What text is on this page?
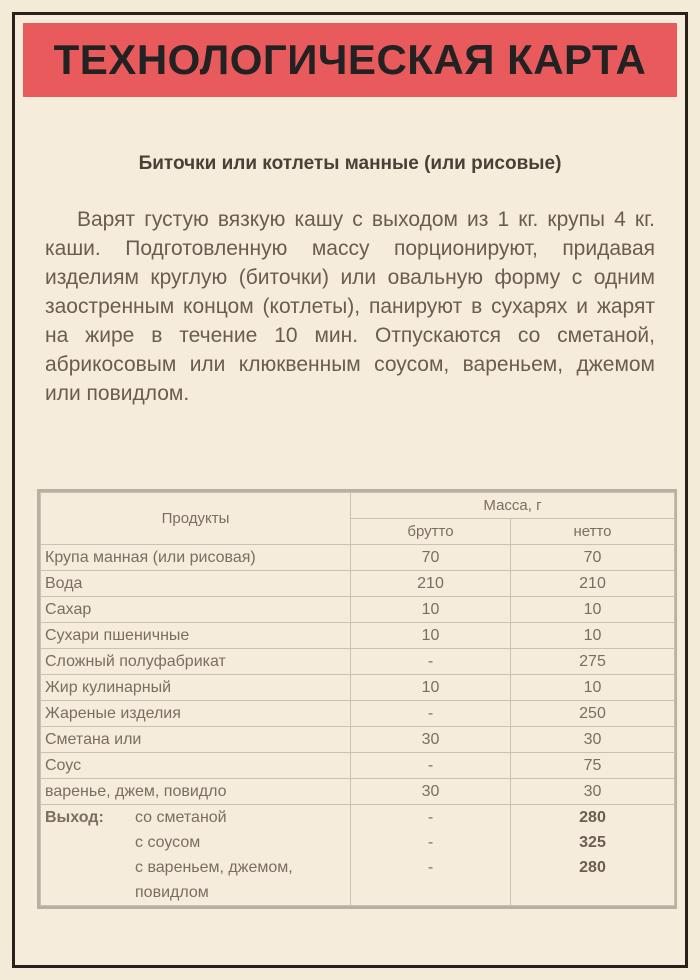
ТЕХНОЛОГИЧЕСКАЯ КАРТА
Биточки или котлеты манные (или рисовые)
Варят густую вязкую кашу с выходом из 1 кг. крупы 4 кг. каши. Подготовленную массу порционируют, придавая изделиям круглую (биточки) или овальную форму с одним заостренным концом (котлеты), панируют в сухарях и жарят на жире в течение 10 мин. Отпускаются со сметаной, абрикосовым или клюквенным соусом, вареньем, джемом или повидлом.
Продукты	Масса, г	
	брутто	нетто
Крупа манная (или рисовая)	70	70
Вода	210	210
Сахар	10	10
Сухари пшеничные	10	10
Сложный полуфабрикат	-	275
Жир кулинарный	10	10
Жареные изделия	-	250
Сметана или	30	30
Соус	-	75
варенье, джем, повидло	30	30
Выход: со сметаной	-	280
с соусом	-	325
с вареньем, джемом,	-	280
повидлом		
